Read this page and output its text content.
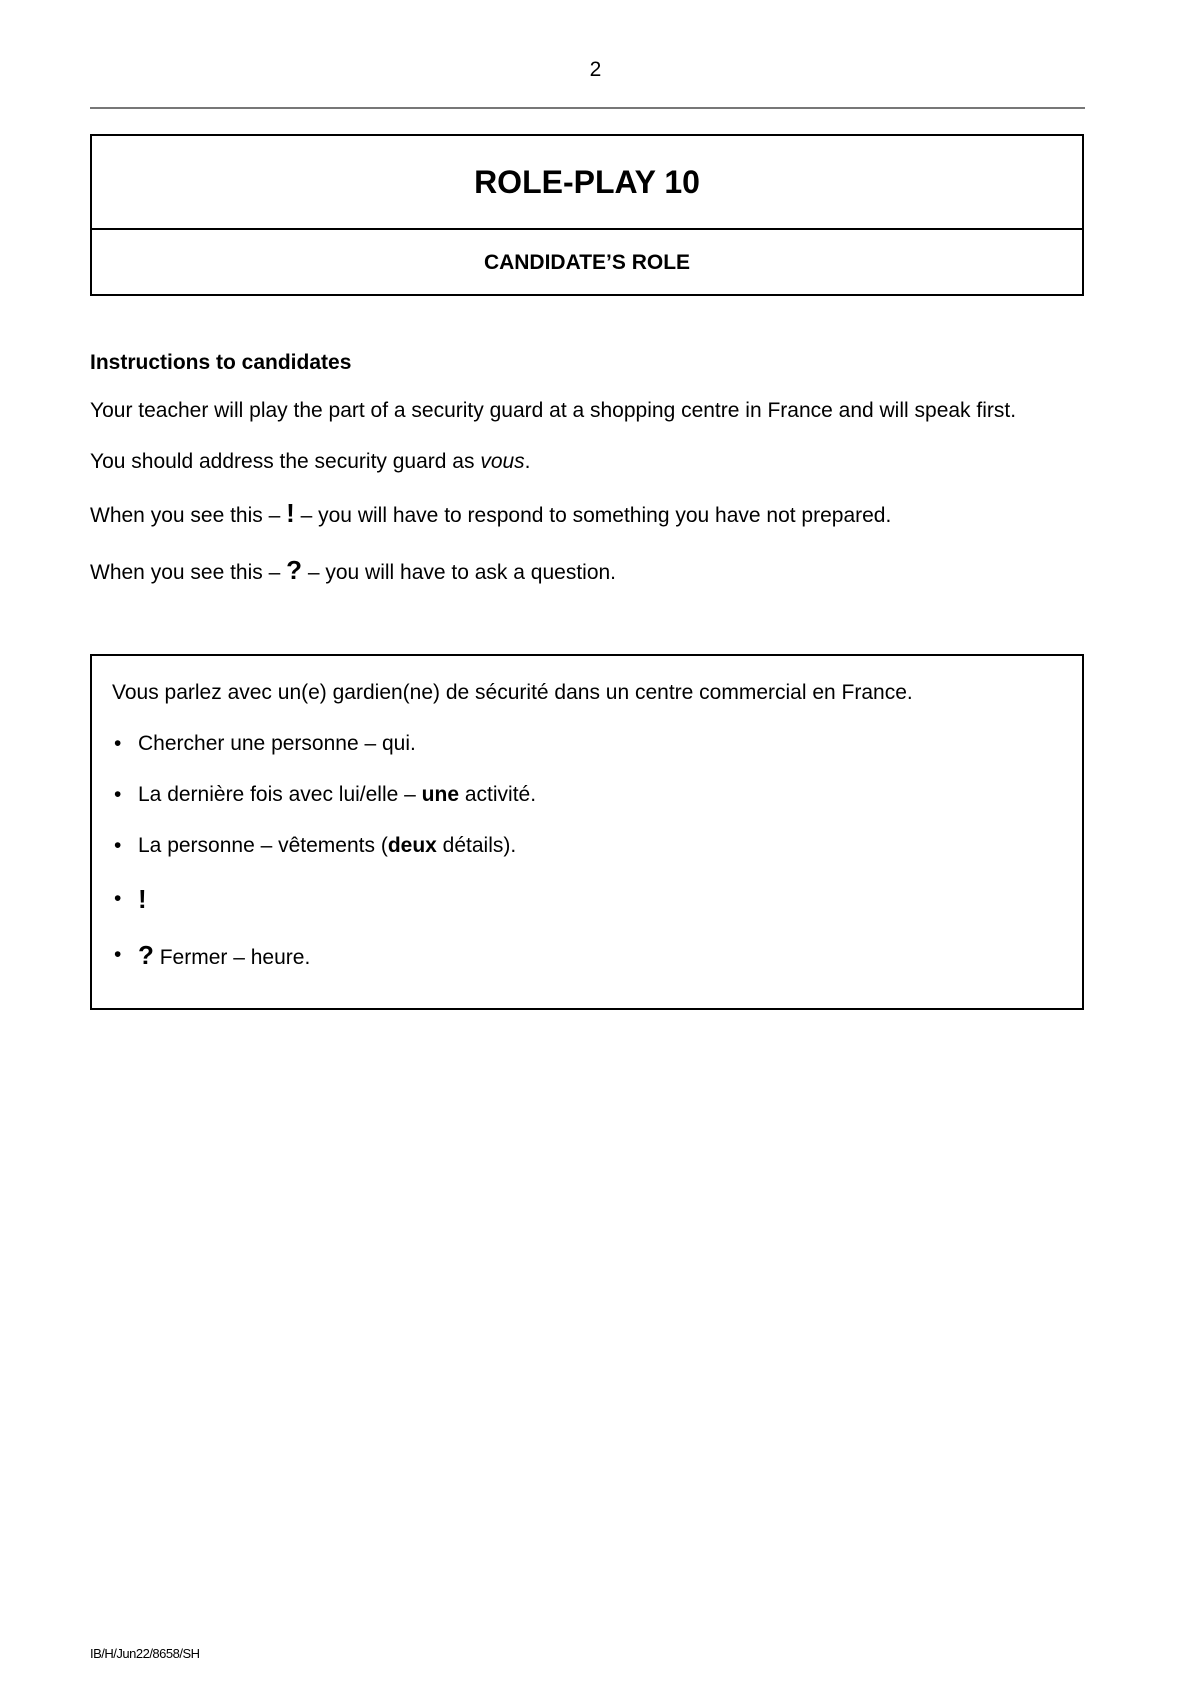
2
ROLE-PLAY 10
CANDIDATE’S ROLE
Instructions to candidates

Your teacher will play the part of a security guard at a shopping centre in France and will speak first.

You should address the security guard as vous.

When you see this – ! – you will have to respond to something you have not prepared.

When you see this – ? – you will have to ask a question.

Vous parlez avec un(e) gardien(ne) de sécurité dans un centre commercial en France.

• Chercher une personne – qui.
• La dernière fois avec lui/elle – une activité.
• La personne – vêtements (deux détails).
• !
• ? Fermer – heure.
IB/H/Jun22/8658/SH
